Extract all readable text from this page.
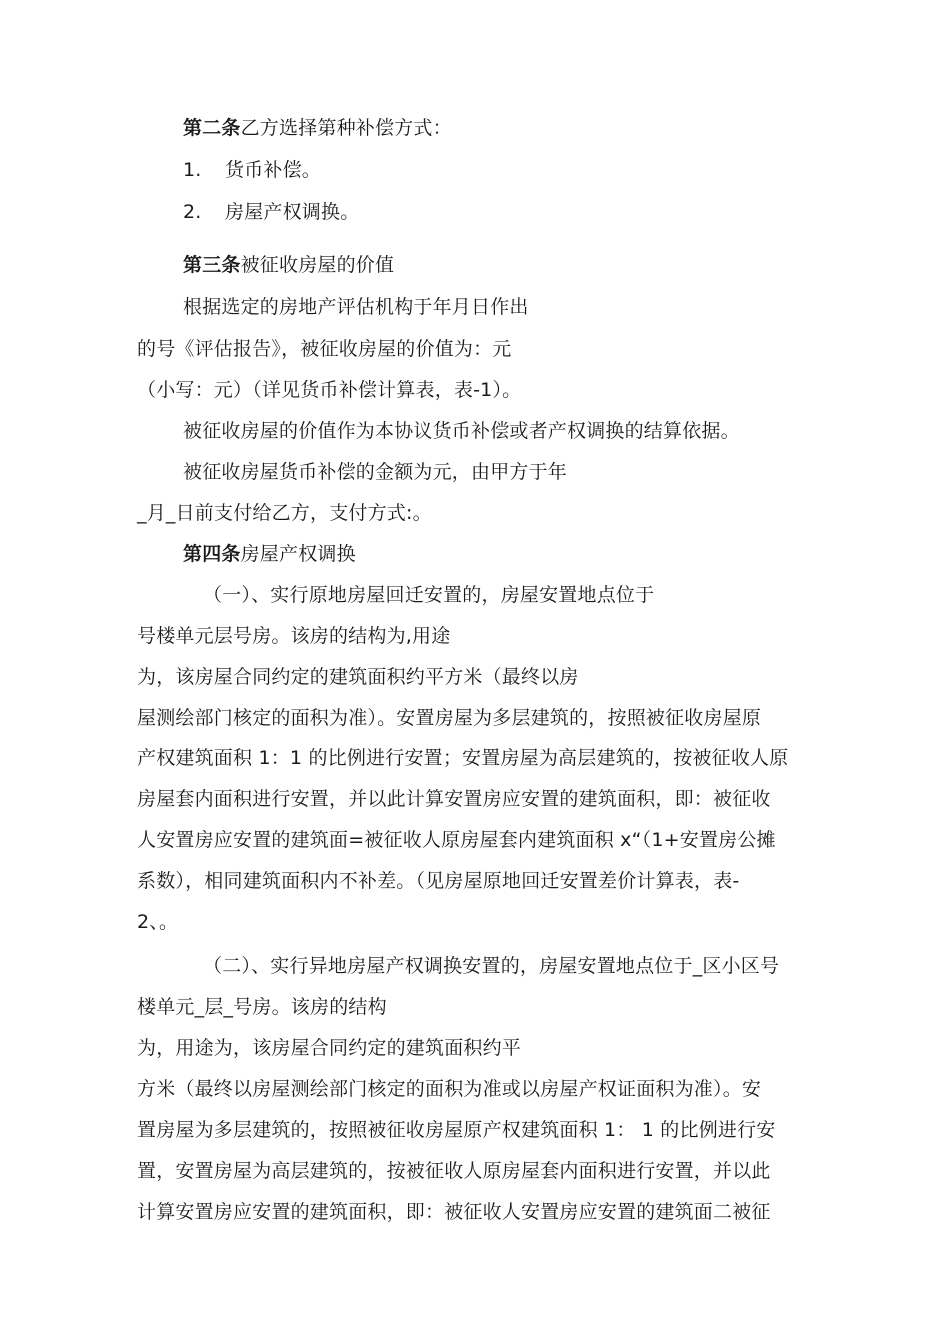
第二条乙方选择第种补偿方式：
1. 货币补偿。
2. 房屋产权调换。
第三条被征收房屋的价值
根据选定的房地产评估机构于年月日作出
的号《评估报告》，被征收房屋的价值为：元
（小写：元）（详见货币补偿计算表，表-1）。
被征收房屋的价值作为本协议货币补偿或者产权调换的结算依据。
被征收房屋货币补偿的金额为元，由甲方于年
_月_日前支付给乙方，支付方式:。
第四条房屋产权调换
（一）、实行原地房屋回迁安置的，房屋安置地点位于
号楼单元层号房。该房的结构为,用途
为，该房屋合同约定的建筑面积约平方米（最终以房
屋测绘部门核定的面积为准）。安置房屋为多层建筑的，按照被征收房屋原
产权建筑面积 1：1 的比例进行安置；安置房屋为高层建筑的，按被征收人原
房屋套内面积进行安置，并以此计算安置房应安置的建筑面积，即：被征收
人安置房应安置的建筑面=被征收人原房屋套内建筑面积 x“（1+安置房公摊
系数），相同建筑面积内不补差。（见房屋原地回迁安置差价计算表，表-
2、。
（二）、实行异地房屋产权调换安置的，房屋安置地点位于_区小区号
楼单元_层_号房。该房的结构
为，用途为，该房屋合同约定的建筑面积约平
方米（最终以房屋测绘部门核定的面积为准或以房屋产权证面积为准）。安
置房屋为多层建筑的，按照被征收房屋原产权建筑面积 1： 1 的比例进行安
置，安置房屋为高层建筑的，按被征收人原房屋套内面积进行安置，并以此
计算安置房应安置的建筑面积，即：被征收人安置房应安置的建筑面二被征
